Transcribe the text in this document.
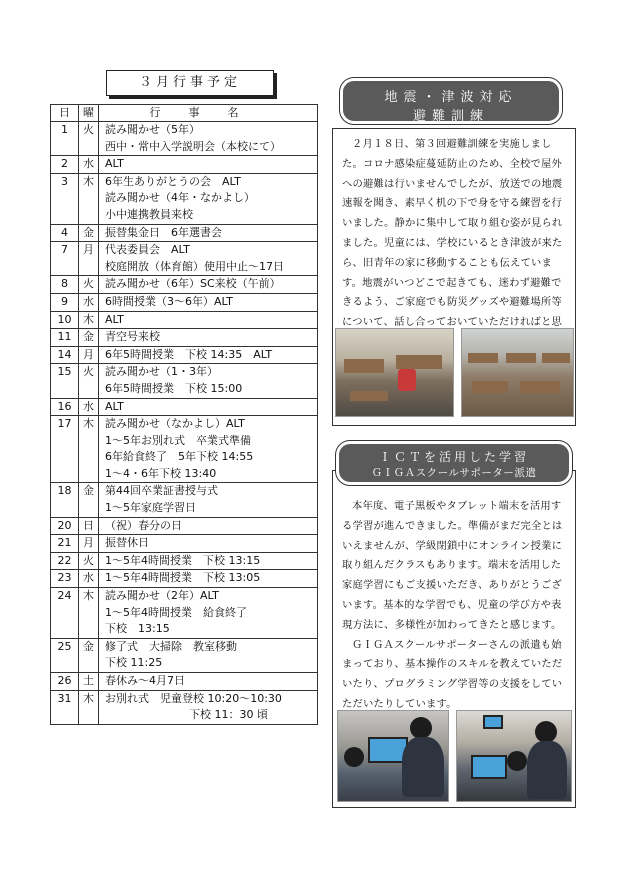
３月行事予定
日	曜	行事名
1	火	読み聞かせ（5年）
西中・常中入学説明会（本校にて）

2	水	ALT

3	木	6年生ありがとうの会　ALT
読み聞かせ（4年・なかよし）
小中連携教員来校

4	金	振替集金日　6年選書会

7	月	代表委員会　ALT
校庭開放（体育館）使用中止～17日

8	火	読み聞かせ（6年）SC来校（午前）

9	水	6時間授業（3～6年）ALT

10	木	ALT

11	金	青空号来校

14	月	6年5時間授業　下校 14:35　ALT

15	火	読み聞かせ（1・3年）
6年5時間授業　下校 15:00

16	水	ALT

17	木	読み聞かせ（なかよし）ALT
1～5年お別れ式　卒業式準備
6年給食終了　5年下校 14:55
1～4・6年下校 13:40

18	金	第44回卒業証書授与式
1～5年家庭学習日

20	日	（祝）春分の日

21	月	振替休日

22	火	1～5年4時間授業　下校 13:15

23	水	1～5年4時間授業　下校 13:05

24	木	読み聞かせ（2年）ALT
1～5年4時間授業　給食終了
下校　13:15

25	金	修了式　大掃除　教室移動
下校 11:25

26	土	春休み～4月7日

31	木	お別れ式　児童登校 10:20～10:30
下校 11：30 頃
地震・津波対応
避難訓練

２月１８日、第３回避難訓練を実施しました。コロナ感染症蔓延防止のため、全校で屋外への避難は行いませんでしたが、放送での地震速報を聞き、素早く机の下で身を守る練習を行いました。静かに集中して取り組む姿が見られました。児童には、学校にいるとき津波が来たら、旧青年の家に移動することも伝えています。地震がいつどこで起きても、迷わず避難できるよう、ご家庭でも防災グッズや避難場所等について、話し合っておいていただければと思

本年度、電子黒板やタブレット端末を活用する学習が進んできました。準備がまだ完全とはいえませんが、学級閉鎖中にオンライン授業に取り組んだクラスもあります。端末を活用した家庭学習にもご支援いただき、ありがとうございます。基本的な学習でも、児童の学び方や表現方法に、多様性が加わってきたと感じます。

ＧＩＧＡスクールサポーターさんの派遣も始まっており、基本操作のスキルを教えていただいたり、プログラミング学習等の支援をしていただいたりしています。

ＩＣＴを活用した学習
ＧＩＧＡスクールサポーター派遣
